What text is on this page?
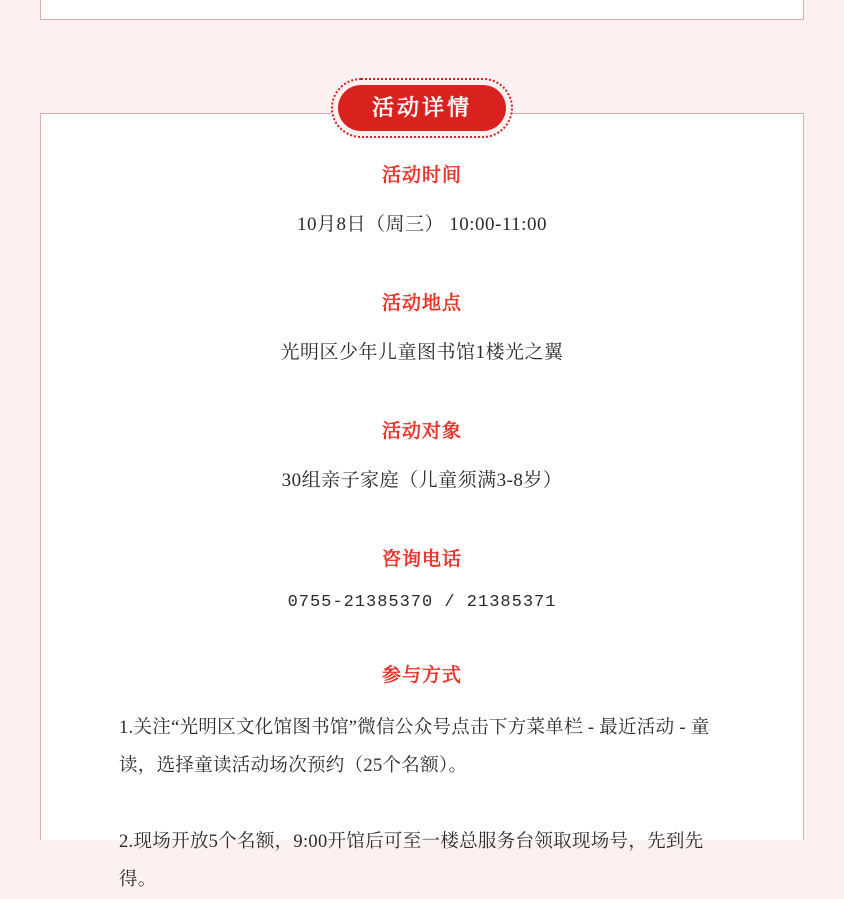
活动详情
活动时间
10月8日（周三） 10:00-11:00
活动地点
光明区少年儿童图书馆1楼光之翼
活动对象
30组亲子家庭（儿童须满3-8岁）
咨询电话
0755-21385370 / 21385371
参与方式
1.关注“光明区文化馆图书馆”微信公众号点击下方菜单栏 - 最近活动 - 童读，选择童读活动场次预约（25个名额）。
2.现场开放5个名额，9:00开馆后可至一楼总服务台领取现场号，先到先得。
